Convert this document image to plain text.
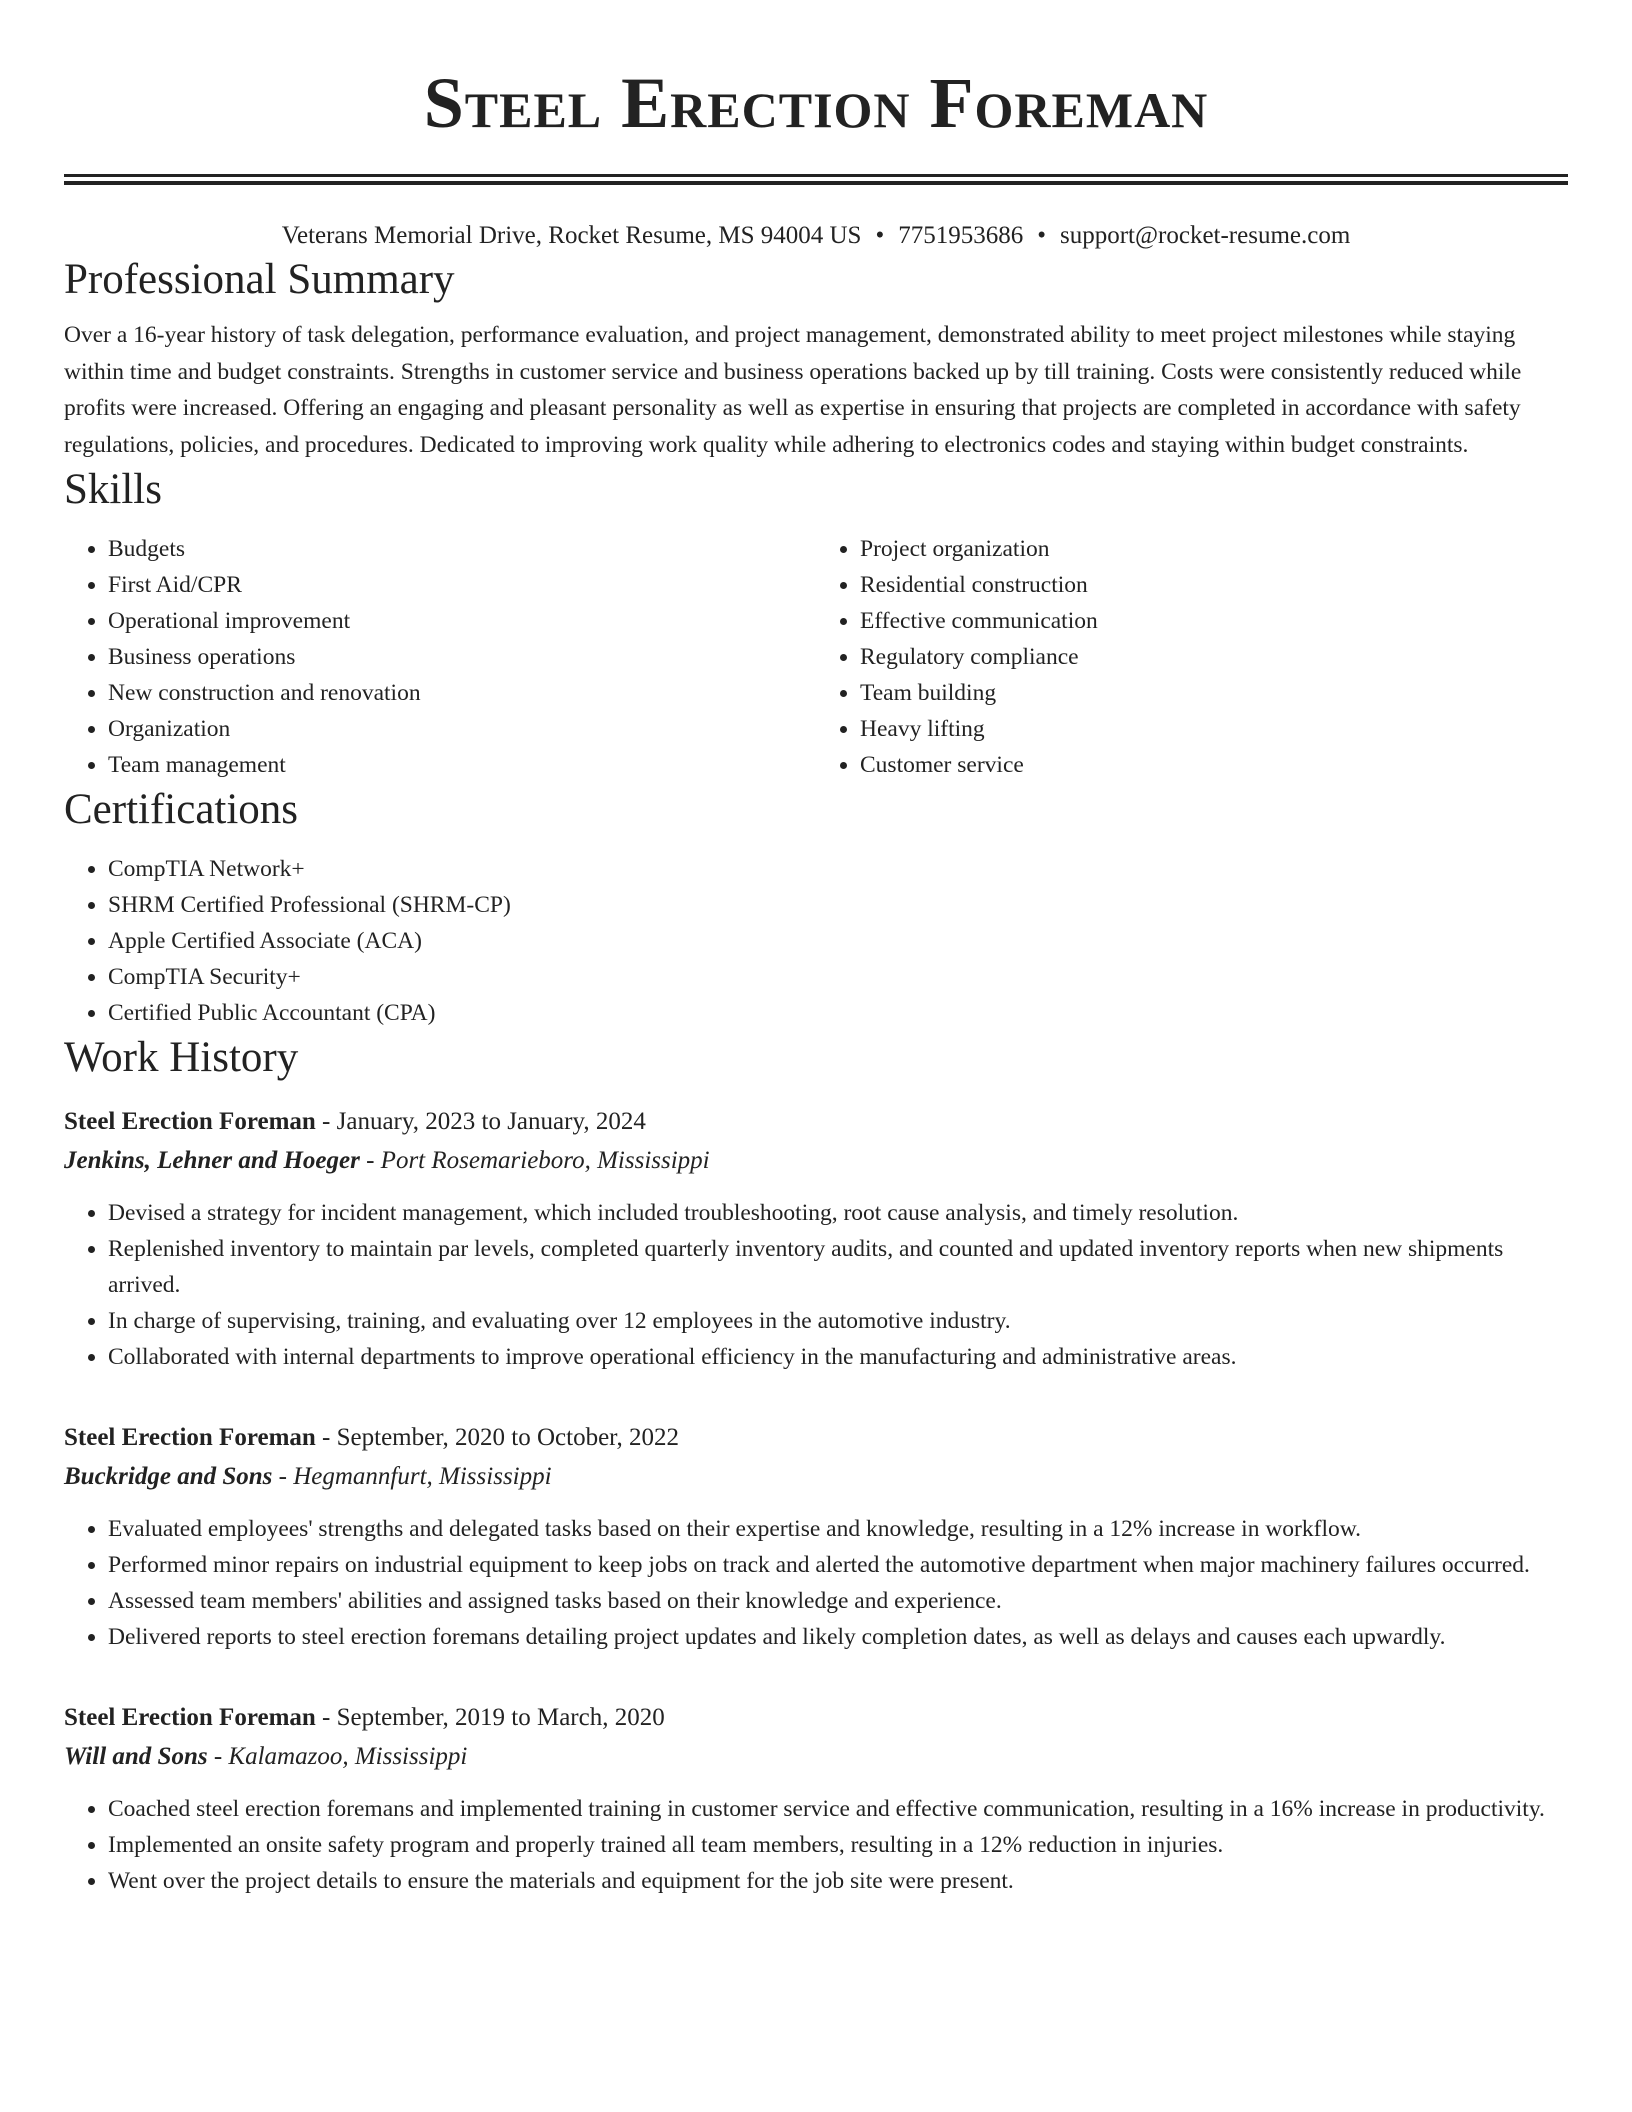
Steel Erection Foreman
Veterans Memorial Drive, Rocket Resume, MS 94004 US • 7751953686 • support@rocket-resume.com
Professional Summary

Over a 16-year history of task delegation, performance evaluation, and project management, demonstrated ability to meet project milestones while staying within time and budget constraints. Strengths in customer service and business operations backed up by till training. Costs were consistently reduced while profits were increased. Offering an engaging and pleasant personality as well as expertise in ensuring that projects are completed in accordance with safety regulations, policies, and procedures. Dedicated to improving work quality while adhering to electronics codes and staying within budget constraints.

Skills
• Budgets
• First Aid/CPR
• Operational improvement
• Business operations
• New construction and renovation
• Organization
• Team management
• Project organization
• Residential construction
• Effective communication
• Regulatory compliance
• Team building
• Heavy lifting
• Customer service
Certifications
• CompTIA Network+
• SHRM Certified Professional (SHRM-CP)
• Apple Certified Associate (ACA)
• CompTIA Security+
• Certified Public Accountant (CPA)
Work History
Steel Erection Foreman - January, 2023 to January, 2024
Jenkins, Lehner and Hoeger - Port Rosemarieboro, Mississippi
• Devised a strategy for incident management, which included troubleshooting, root cause analysis, and timely resolution.
• Replenished inventory to maintain par levels, completed quarterly inventory audits, and counted and updated inventory reports when new shipments arrived.
• In charge of supervising, training, and evaluating over 12 employees in the automotive industry.
• Collaborated with internal departments to improve operational efficiency in the manufacturing and administrative areas.
Steel Erection Foreman - September, 2020 to October, 2022
Buckridge and Sons - Hegmannfurt, Mississippi
• Evaluated employees' strengths and delegated tasks based on their expertise and knowledge, resulting in a 12% increase in workflow.
• Performed minor repairs on industrial equipment to keep jobs on track and alerted the automotive department when major machinery failures occurred.
• Assessed team members' abilities and assigned tasks based on their knowledge and experience.
• Delivered reports to steel erection foremans detailing project updates and likely completion dates, as well as delays and causes each upwardly.
Steel Erection Foreman - September, 2019 to March, 2020
Will and Sons - Kalamazoo, Mississippi
• Coached steel erection foremans and implemented training in customer service and effective communication, resulting in a 16% increase in productivity.
• Implemented an onsite safety program and properly trained all team members, resulting in a 12% reduction in injuries.
• Went over the project details to ensure the materials and equipment for the job site were present.
